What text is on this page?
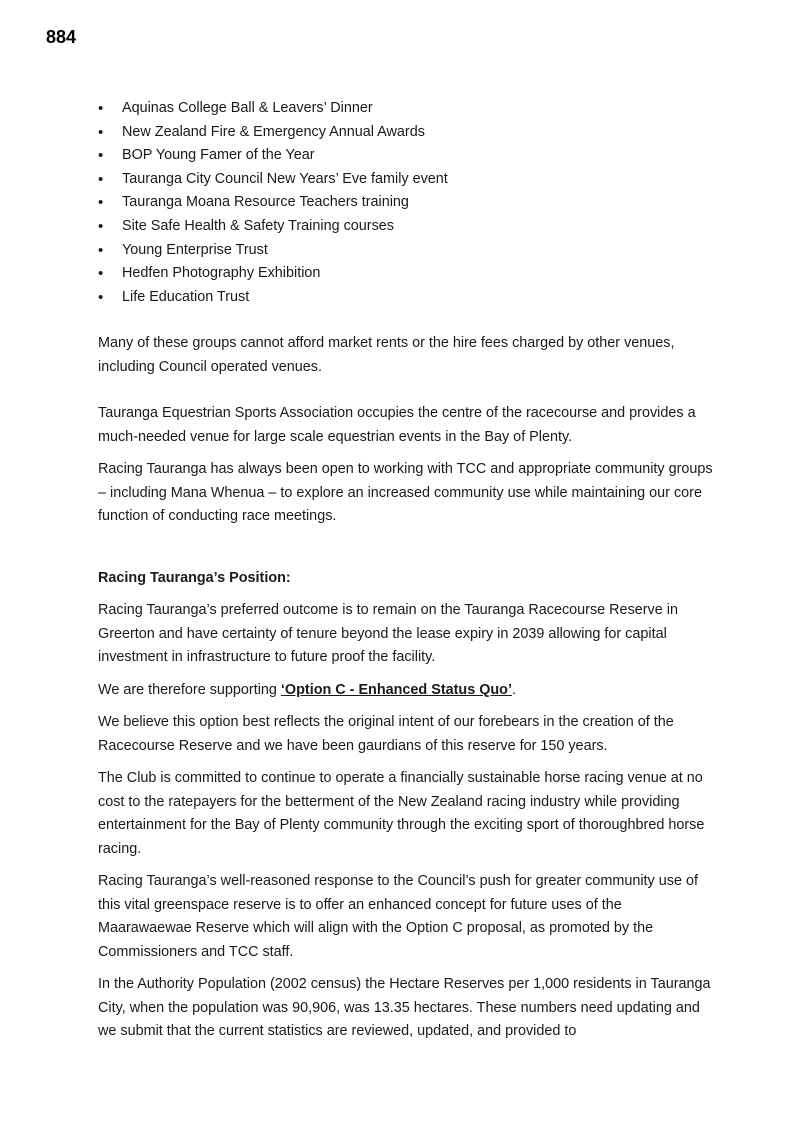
884
• Aquinas College Ball & Leavers’ Dinner
• New Zealand Fire & Emergency Annual Awards
• BOP Young Famer of the Year
• Tauranga City Council New Years’ Eve family event
• Tauranga Moana Resource Teachers training
• Site Safe Health & Safety Training courses
• Young Enterprise Trust
• Hedfen Photography Exhibition
• Life Education Trust

Many of these groups cannot afford market rents or the hire fees charged by other venues, including Council operated venues.

Tauranga Equestrian Sports Association occupies the centre of the racecourse and provides a much-needed venue for large scale equestrian events in the Bay of Plenty.

Racing Tauranga has always been open to working with TCC and appropriate community groups – including Mana Whenua – to explore an increased community use while maintaining our core function of conducting race meetings.

Racing Tauranga’s Position:

Racing Tauranga’s preferred outcome is to remain on the Tauranga Racecourse Reserve in Greerton and have certainty of tenure beyond the lease expiry in 2039 allowing for capital investment in infrastructure to future proof the facility.

We are therefore supporting ‘Option C - Enhanced Status Quo’.

We believe this option best reflects the original intent of our forebears in the creation of the Racecourse Reserve and we have been gaurdians of this reserve for 150 years.

The Club is committed to continue to operate a financially sustainable horse racing venue at no cost to the ratepayers for the betterment of the New Zealand racing industry while providing entertainment for the Bay of Plenty community through the exciting sport of thoroughbred horse racing.

Racing Tauranga’s well-reasoned response to the Council’s push for greater community use of this vital greenspace reserve is to offer an enhanced concept for future uses of the Maarawaewae Reserve which will align with the Option C proposal, as promoted by the Commissioners and TCC staff.

In the Authority Population (2002 census) the Hectare Reserves per 1,000 residents in Tauranga City, when the population was 90,906, was 13.35 hectares. These numbers need updating and we submit that the current statistics are reviewed, updated, and provided to
